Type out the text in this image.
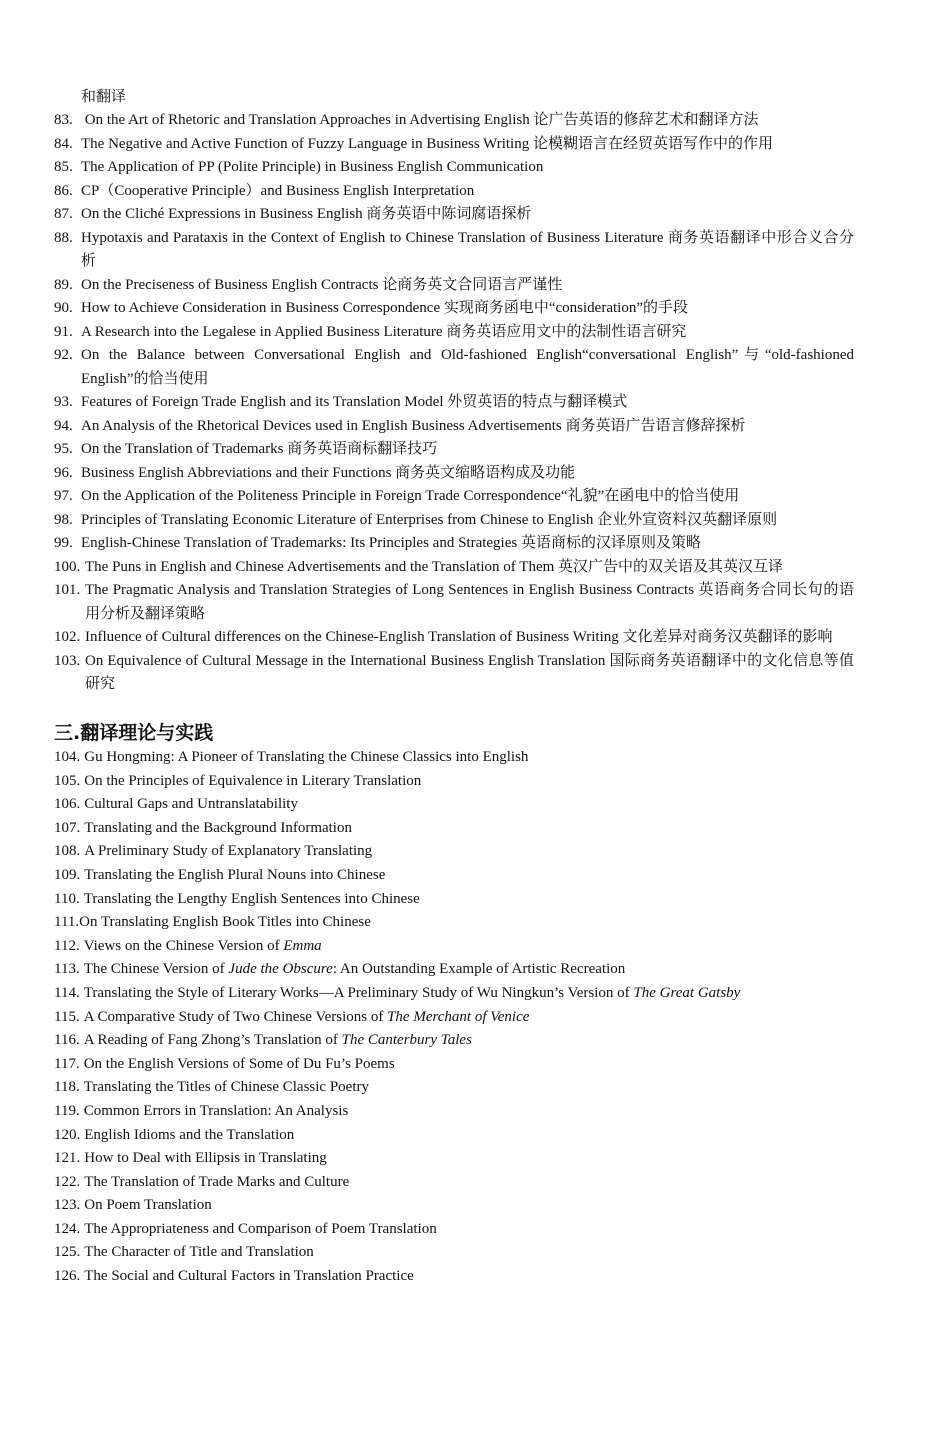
和翻译
83. On the Art of Rhetoric and Translation Approaches in Advertising English 论广告英语的修辞艺术和翻译方法
84. The Negative and Active Function of Fuzzy Language in Business Writing 论模糊语言在经贸英语写作中的作用
85. The Application of PP (Polite Principle) in Business English Communication
86. CP（Cooperative Principle）and Business English Interpretation
87. On the Cliché Expressions in Business English 商务英语中陈词腐语探析
88. Hypotaxis and Parataxis in the Context of English to Chinese Translation of Business Literature 商务英语翻译中形合义合分析
89. On the Preciseness of Business English Contracts 论商务英文合同语言严谨性
90. How to Achieve Consideration in Business Correspondence 实现商务函电中“consideration”的手段
91. A Research into the Legalese in Applied Business Literature 商务英语应用文中的法制性语言研究
92. On the Balance between Conversational English and Old-fashioned English“conversational English”与“old-fashioned English”的恰当使用
93. Features of Foreign Trade English and its Translation Model 外贸英语的特点与翻译模式
94. An Analysis of the Rhetorical Devices used in English Business Advertisements 商务英语广告语言修辞探析
95. On the Translation of Trademarks 商务英语商标翻译技巧
96. Business English Abbreviations and their Functions 商务英文缩略语构成及功能
97. On the Application of the Politeness Principle in Foreign Trade Correspondence“礼貌”在函电中的恰当使用
98. Principles of Translating Economic Literature of Enterprises from Chinese to English 企业外宣资料汉英翻译原则
99. English-Chinese Translation of Trademarks: Its Principles and Strategies 英语商标的汉译原则及策略
100. The Puns in English and Chinese Advertisements and the Translation of Them 英汉广告中的双关语及其英汉互译
101. The Pragmatic Analysis and Translation Strategies of Long Sentences in English Business Contracts 英语商务合同长句的语用分析及翻译策略
102. Influence of Cultural differences on the Chinese-English Translation of Business Writing 文化差异对商务汉英翻译的影响
103. On Equivalence of Cultural Message in the International Business English Translation 国际商务英语翻译中的文化信息等值研究
三.翻译理论与实践
104. Gu Hongming: A Pioneer of Translating the Chinese Classics into English
105. On the Principles of Equivalence in Literary Translation
106. Cultural Gaps and Untranslatability
107. Translating and the Background Information
108. A Preliminary Study of Explanatory Translating
109. Translating the English Plural Nouns into Chinese
110. Translating the Lengthy English Sentences into Chinese
111.On Translating English Book Titles into Chinese
112. Views on the Chinese Version of Emma
113. The Chinese Version of Jude the Obscure: An Outstanding Example of Artistic Recreation
114. Translating the Style of Literary Works—A Preliminary Study of Wu Ningkun’s Version of The Great Gatsby
115. A Comparative Study of Two Chinese Versions of The Merchant of Venice
116. A Reading of Fang Zhong’s Translation of The Canterbury Tales
117. On the English Versions of Some of Du Fu’s Poems
118. Translating the Titles of Chinese Classic Poetry
119. Common Errors in Translation: An Analysis
120. English Idioms and the Translation
121. How to Deal with Ellipsis in Translating
122. The Translation of Trade Marks and Culture
123. On Poem Translation
124. The Appropriateness and Comparison of Poem Translation
125. The Character of Title and Translation
126. The Social and Cultural Factors in Translation Practice
